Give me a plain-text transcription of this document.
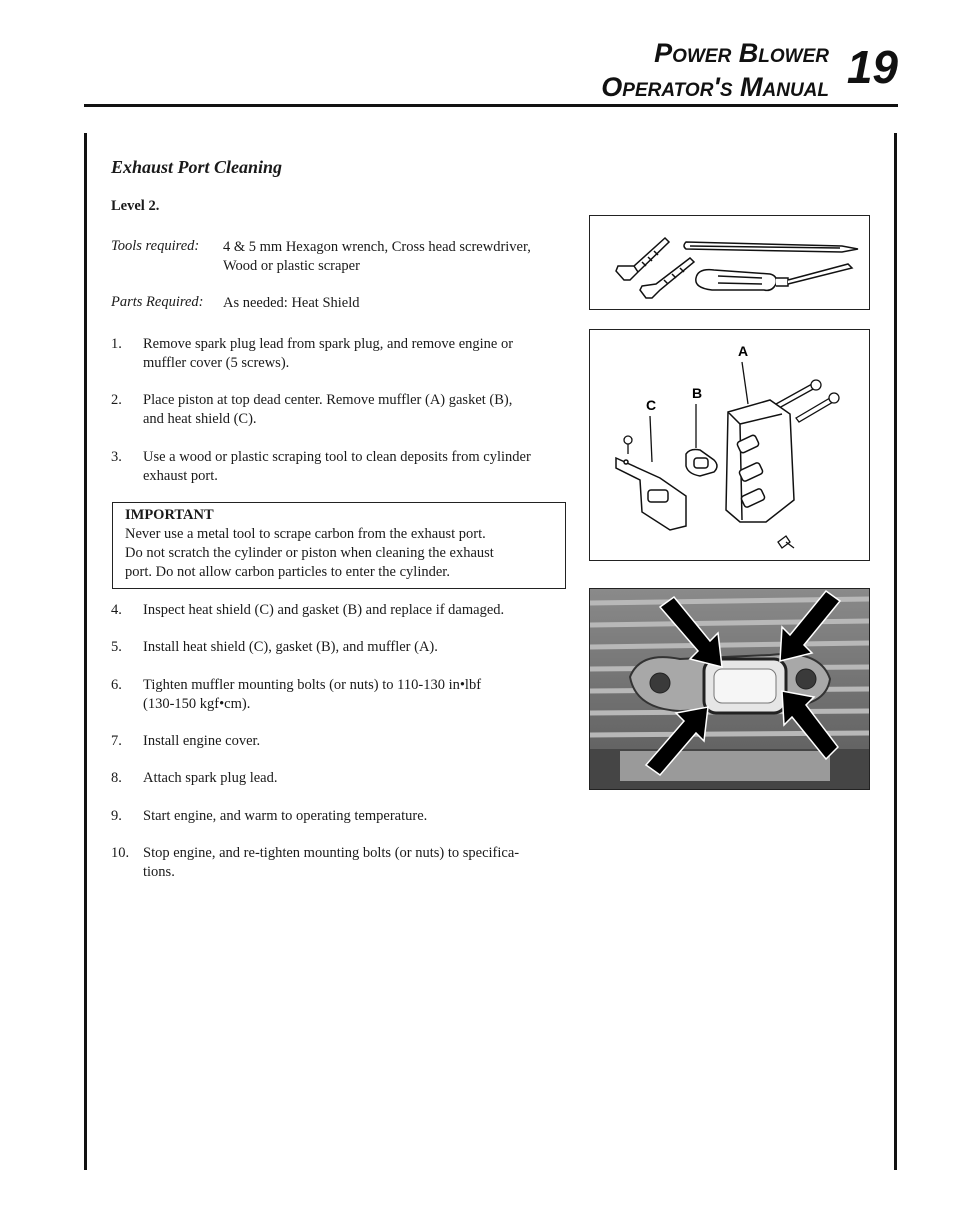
Power Blower
Operator's Manual 19
Exhaust Port Cleaning
Level 2.
Tools required: 4 & 5 mm Hexagon wrench, Cross head screwdriver,
Wood or plastic scraper
Parts Required: As needed: Heat Shield
1. Remove spark plug lead from spark plug, and remove engine or
muffler cover (5 screws).
2. Place piston at top dead center. Remove muffler (A) gasket (B),
and heat shield (C).
3. Use a wood or plastic scraping tool to clean deposits from cylinder
exhaust port.
IMPORTANT
Never use a metal tool to scrape carbon from the exhaust port.
Do not scratch the cylinder or piston when cleaning the exhaust
port. Do not allow carbon particles to enter the cylinder.
4. Inspect heat shield (C) and gasket (B) and replace if damaged.
5. Install heat shield (C), gasket (B), and muffler (A).
6. Tighten muffler mounting bolts (or nuts) to 110-130 in•lbf
(130-150 kgf•cm).
7. Install engine cover.
8. Attach spark plug lead.
9. Start engine, and warm to operating temperature.
10. Stop engine, and re-tighten mounting bolts (or nuts) to specifica-
tions.
A
B
C
